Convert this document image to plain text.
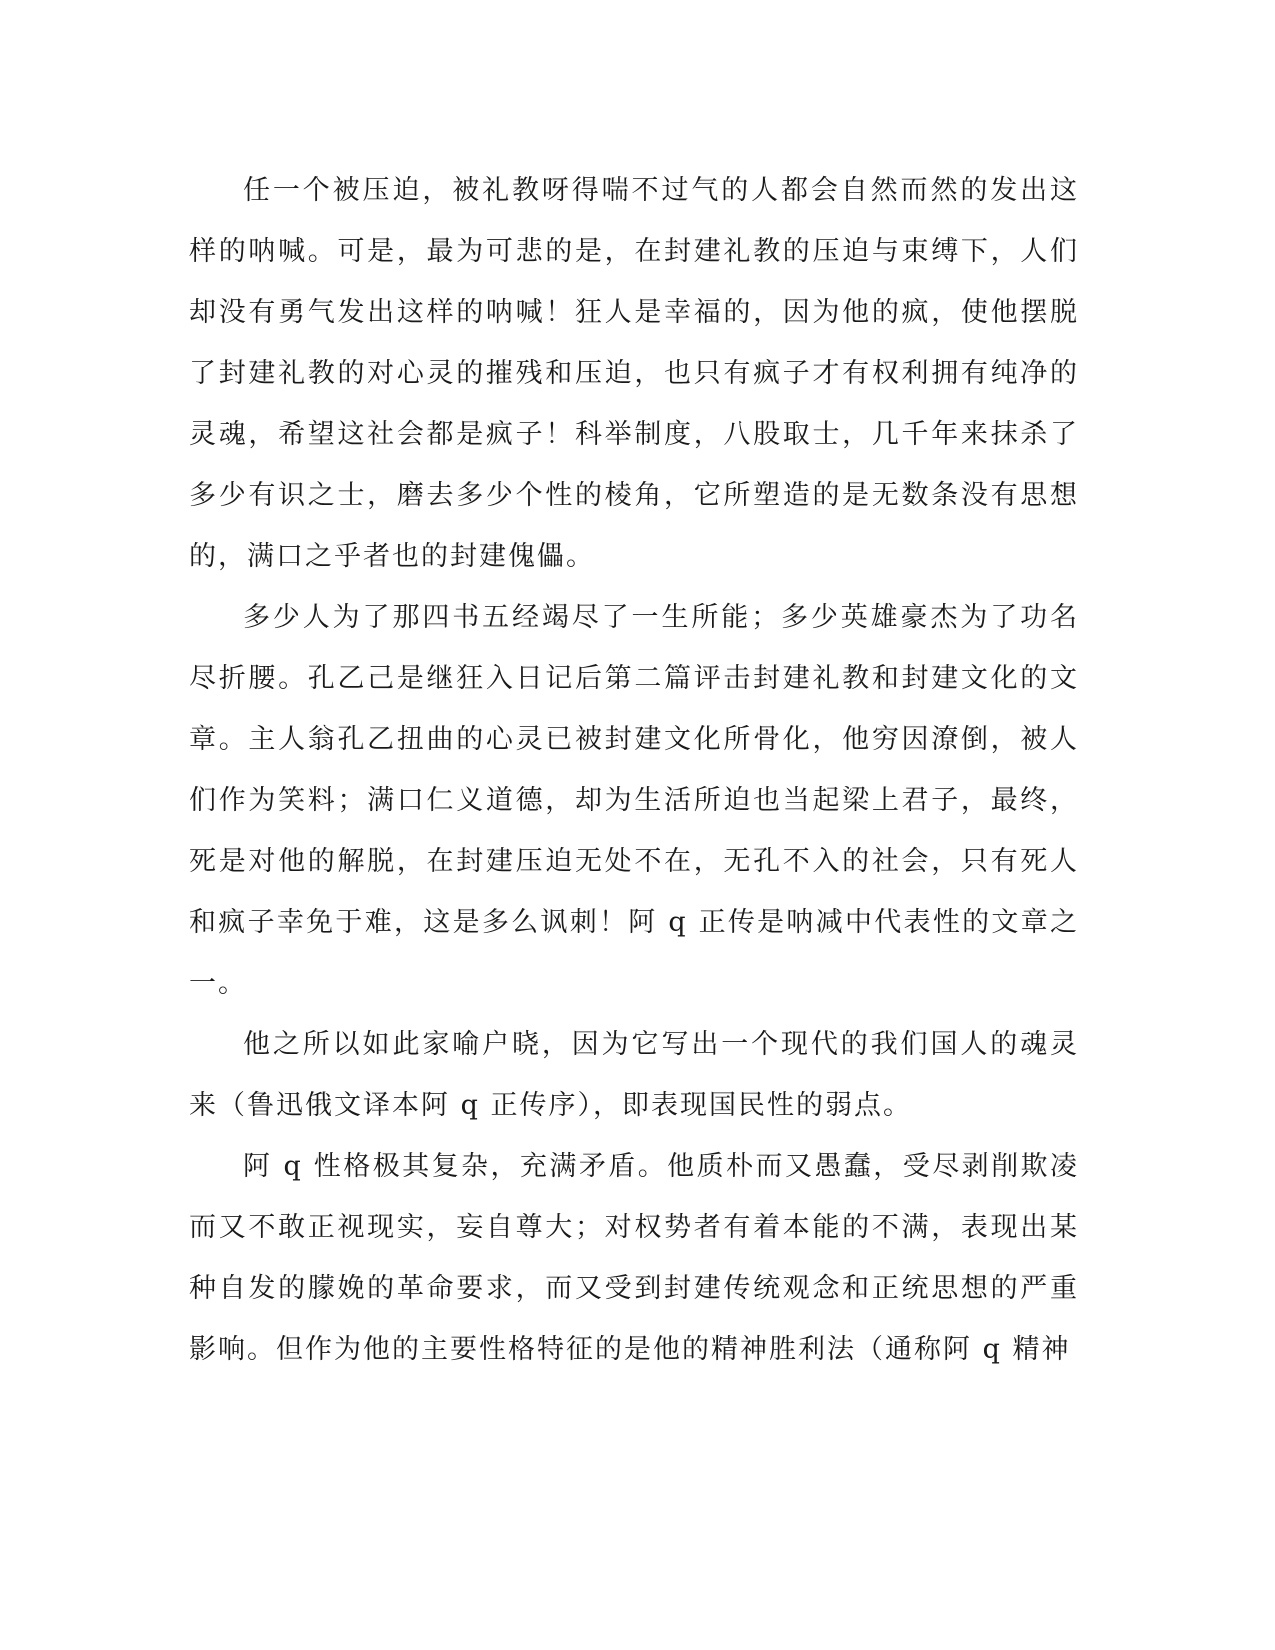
任一个被压迫，被礼教呀得喘不过气的人都会自然而然的发出这样的呐喊。可是，最为可悲的是，在封建礼教的压迫与束缚下，人们却没有勇气发出这样的呐喊！狂人是幸福的，因为他的疯，使他摆脱了封建礼教的对心灵的摧残和压迫，也只有疯子才有权利拥有纯净的灵魂，希望这社会都是疯子！科举制度，八股取士，几千年来抹杀了多少有识之士，磨去多少个性的棱角，它所塑造的是无数条没有思想的，满口之乎者也的封建傀儡。

多少人为了那四书五经竭尽了一生所能；多少英雄豪杰为了功名尽折腰。孔乙己是继狂入日记后第二篇评击封建礼教和封建文化的文章。主人翁孔乙扭曲的心灵已被封建文化所骨化，他穷因潦倒，被人们作为笑料；满口仁义道德，却为生活所迫也当起梁上君子，最终，死是对他的解脱，在封建压迫无处不在，无孔不入的社会，只有死人和疯子幸免于难，这是多么讽刺！阿 q 正传是呐减中代表性的文章之一。

他之所以如此家喻户晓，因为它写出一个现代的我们国人的魂灵来（鲁迅俄文译本阿 q 正传序），即表现国民性的弱点。

阿 q 性格极其复杂，充满矛盾。他质朴而又愚蠢，受尽剥削欺凌而又不敢正视现实，妄自尊大；对权势者有着本能的不满，表现出某种自发的朦娩的革命要求，而又受到封建传统观念和正统思想的严重影响。但作为他的主要性格特征的是他的精神胜利法（通称阿 q 精神
